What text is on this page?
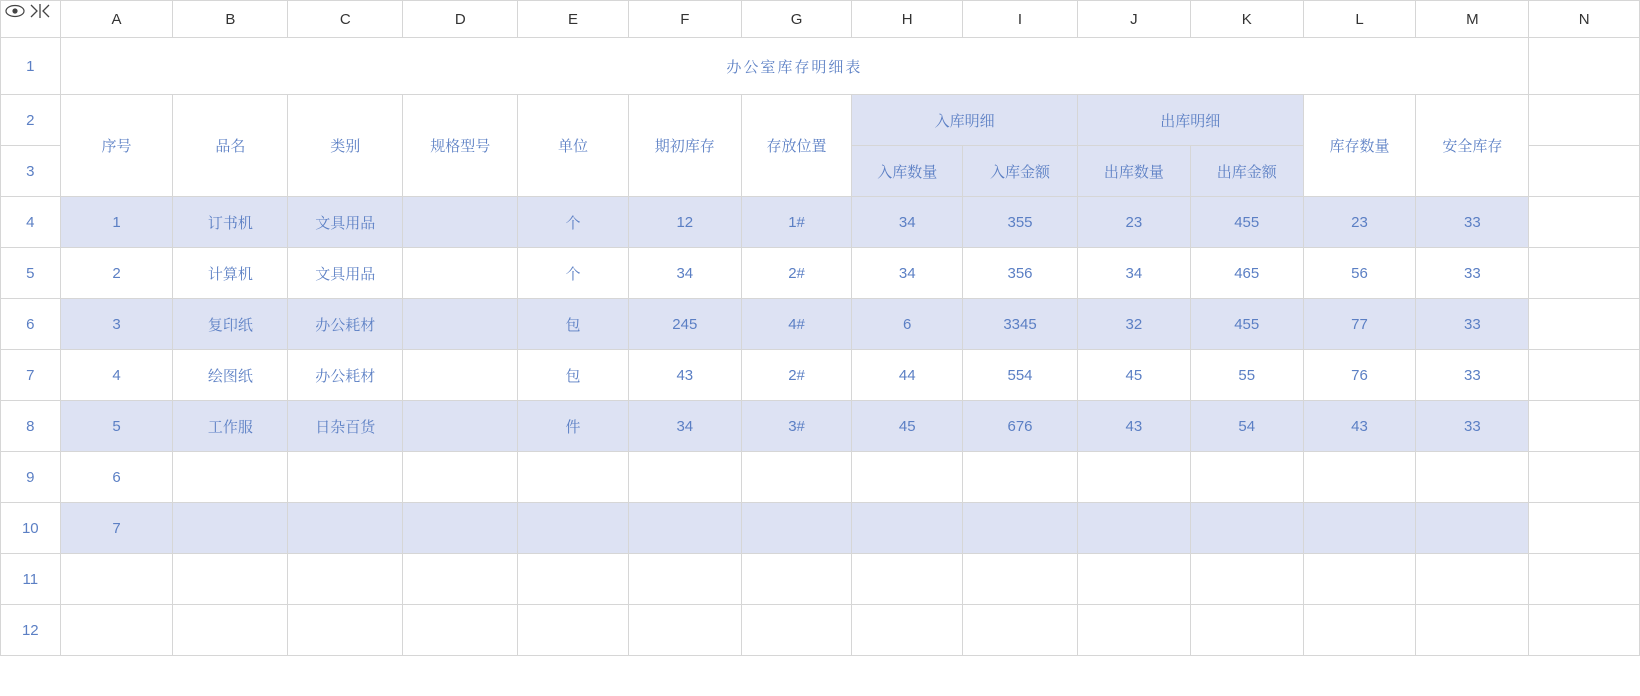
	A	B	C	D	E	F	G	H	I	J	K	L	M	N
1	办公室库存明细表													
2	序号	品名	类别	规格型号	单位	期初库存	存放位置	入库明细		出库明细		库存数量	安全库存	
3								入库数量	入库金额	出库数量	出库金额			
4	1	订书机	文具用品		个	12	1#	34	355	23	455	23	33	
5	2	计算机	文具用品		个	34	2#	34	356	34	465	56	33	
6	3	复印纸	办公耗材		包	245	4#	6	3345	32	455	77	33	
7	4	绘图纸	办公耗材		包	43	2#	44	554	45	55	76	33	
8	5	工作服	日杂百货		件	34	3#	45	676	43	54	43	33	
9	6													
10	7													
11														
12														
